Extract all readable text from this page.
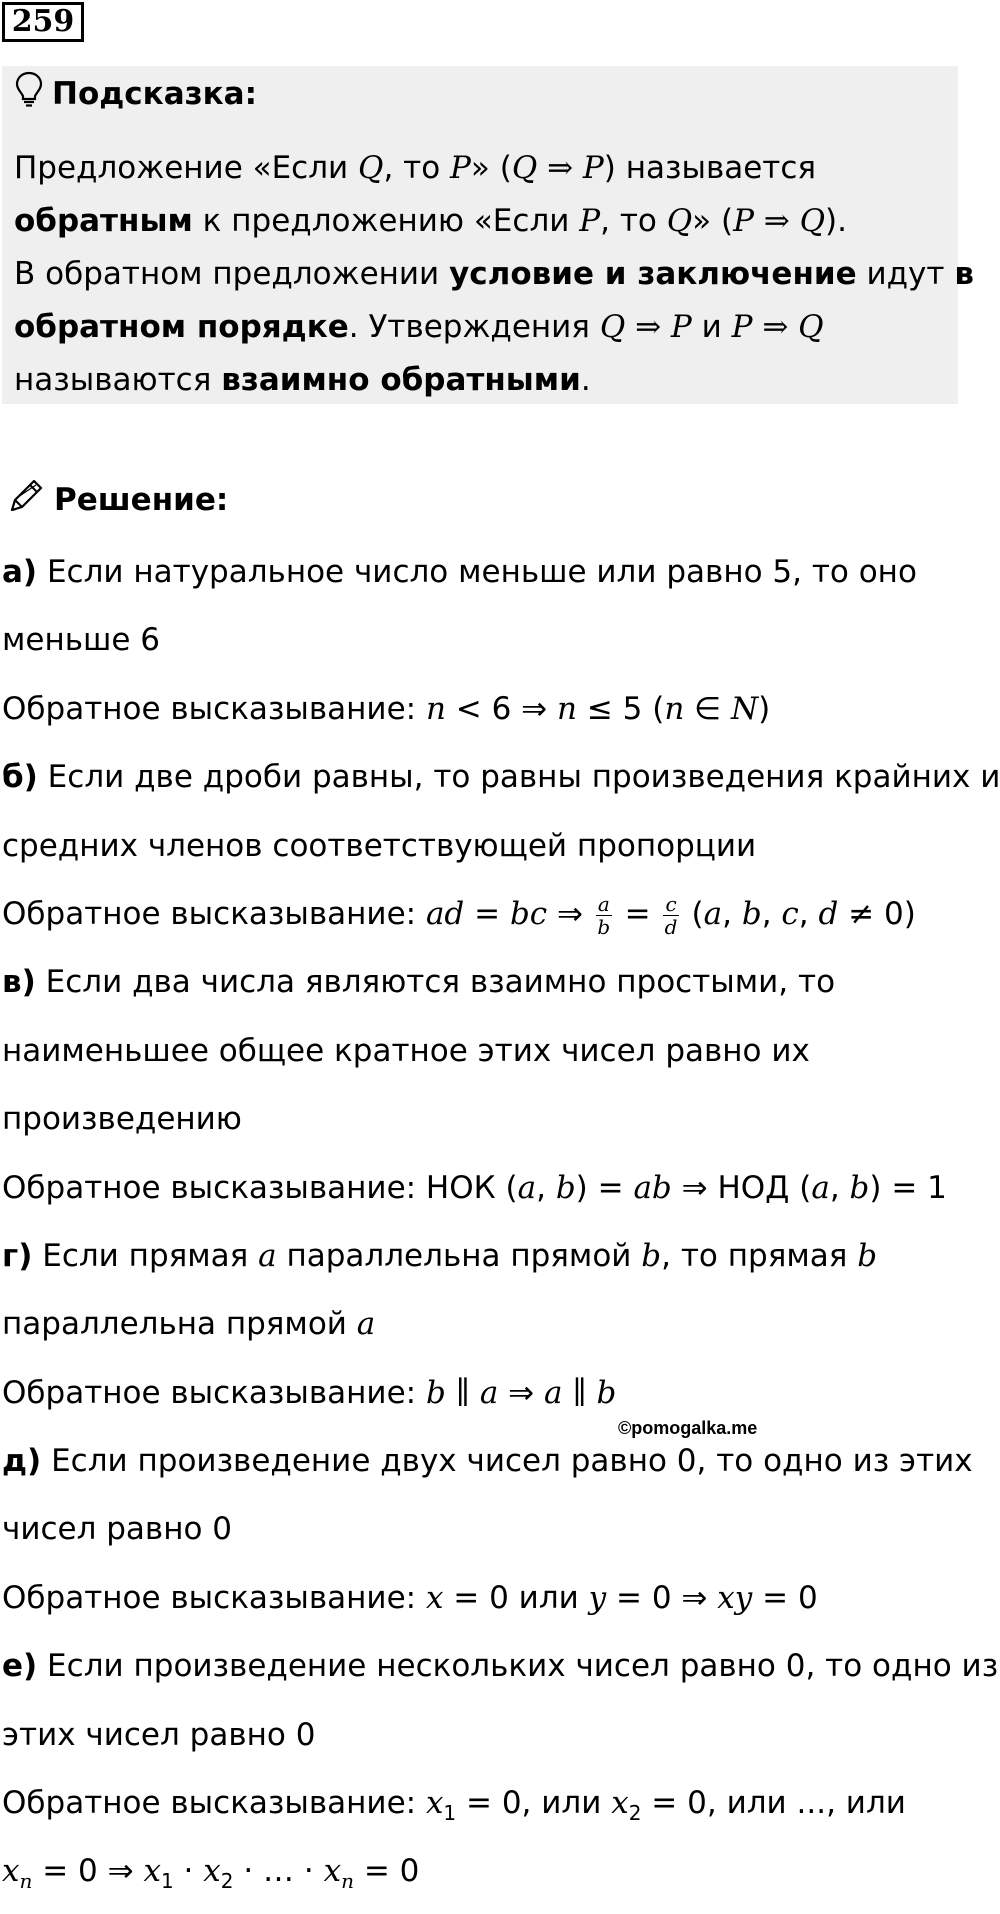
259
Подсказка:
Предложение «Если Q, то P» (Q ⇒ P) называется
обратным к предложению «Если P, то Q» (P ⇒ Q).
В обратном предложении условие и заключение идут в
обратном порядке. Утверждения Q ⇒ P и P ⇒ Q
называются взаимно обратными.
Решение:
а) Если натуральное число меньше или равно 5, то оно
меньше 6
Обратное высказывание: n < 6 ⇒ n ≤ 5 (n ∈ N)
б) Если две дроби равны, то равны произведения крайних и
средних членов соответствующей пропорции
Обратное высказывание: ad = bc ⇒ $\frac{a}{b} = \frac{c}{d} (a$, b, c, d ≠ 0)
в) Если два числа являются взаимно простыми, то
наименьшее общее кратное этих чисел равно их
произведению
Обратное высказывание: НОК (a, b) = ab ⇒ НОД (a, b) = 1
г) Если прямая a параллельна прямой b, то прямая b
параллельна прямой a
Обратное высказывание: b ∥ a ⇒ a ∥ b
д) Если произведение двух чисел равно 0, то одно из этих
чисел равно 0
Обратное высказывание: x = 0 или y = 0 ⇒ xy = 0
е) Если произведение нескольких чисел равно 0, то одно из
этих чисел равно 0
Обратное высказывание: $x_1 = 0$, или $x_2 = 0$, или ..., или
$x_n = 0$ ⇒ $x_1 \cdot x_2$ · … · $x_n = 0$
©pomogalka.me
